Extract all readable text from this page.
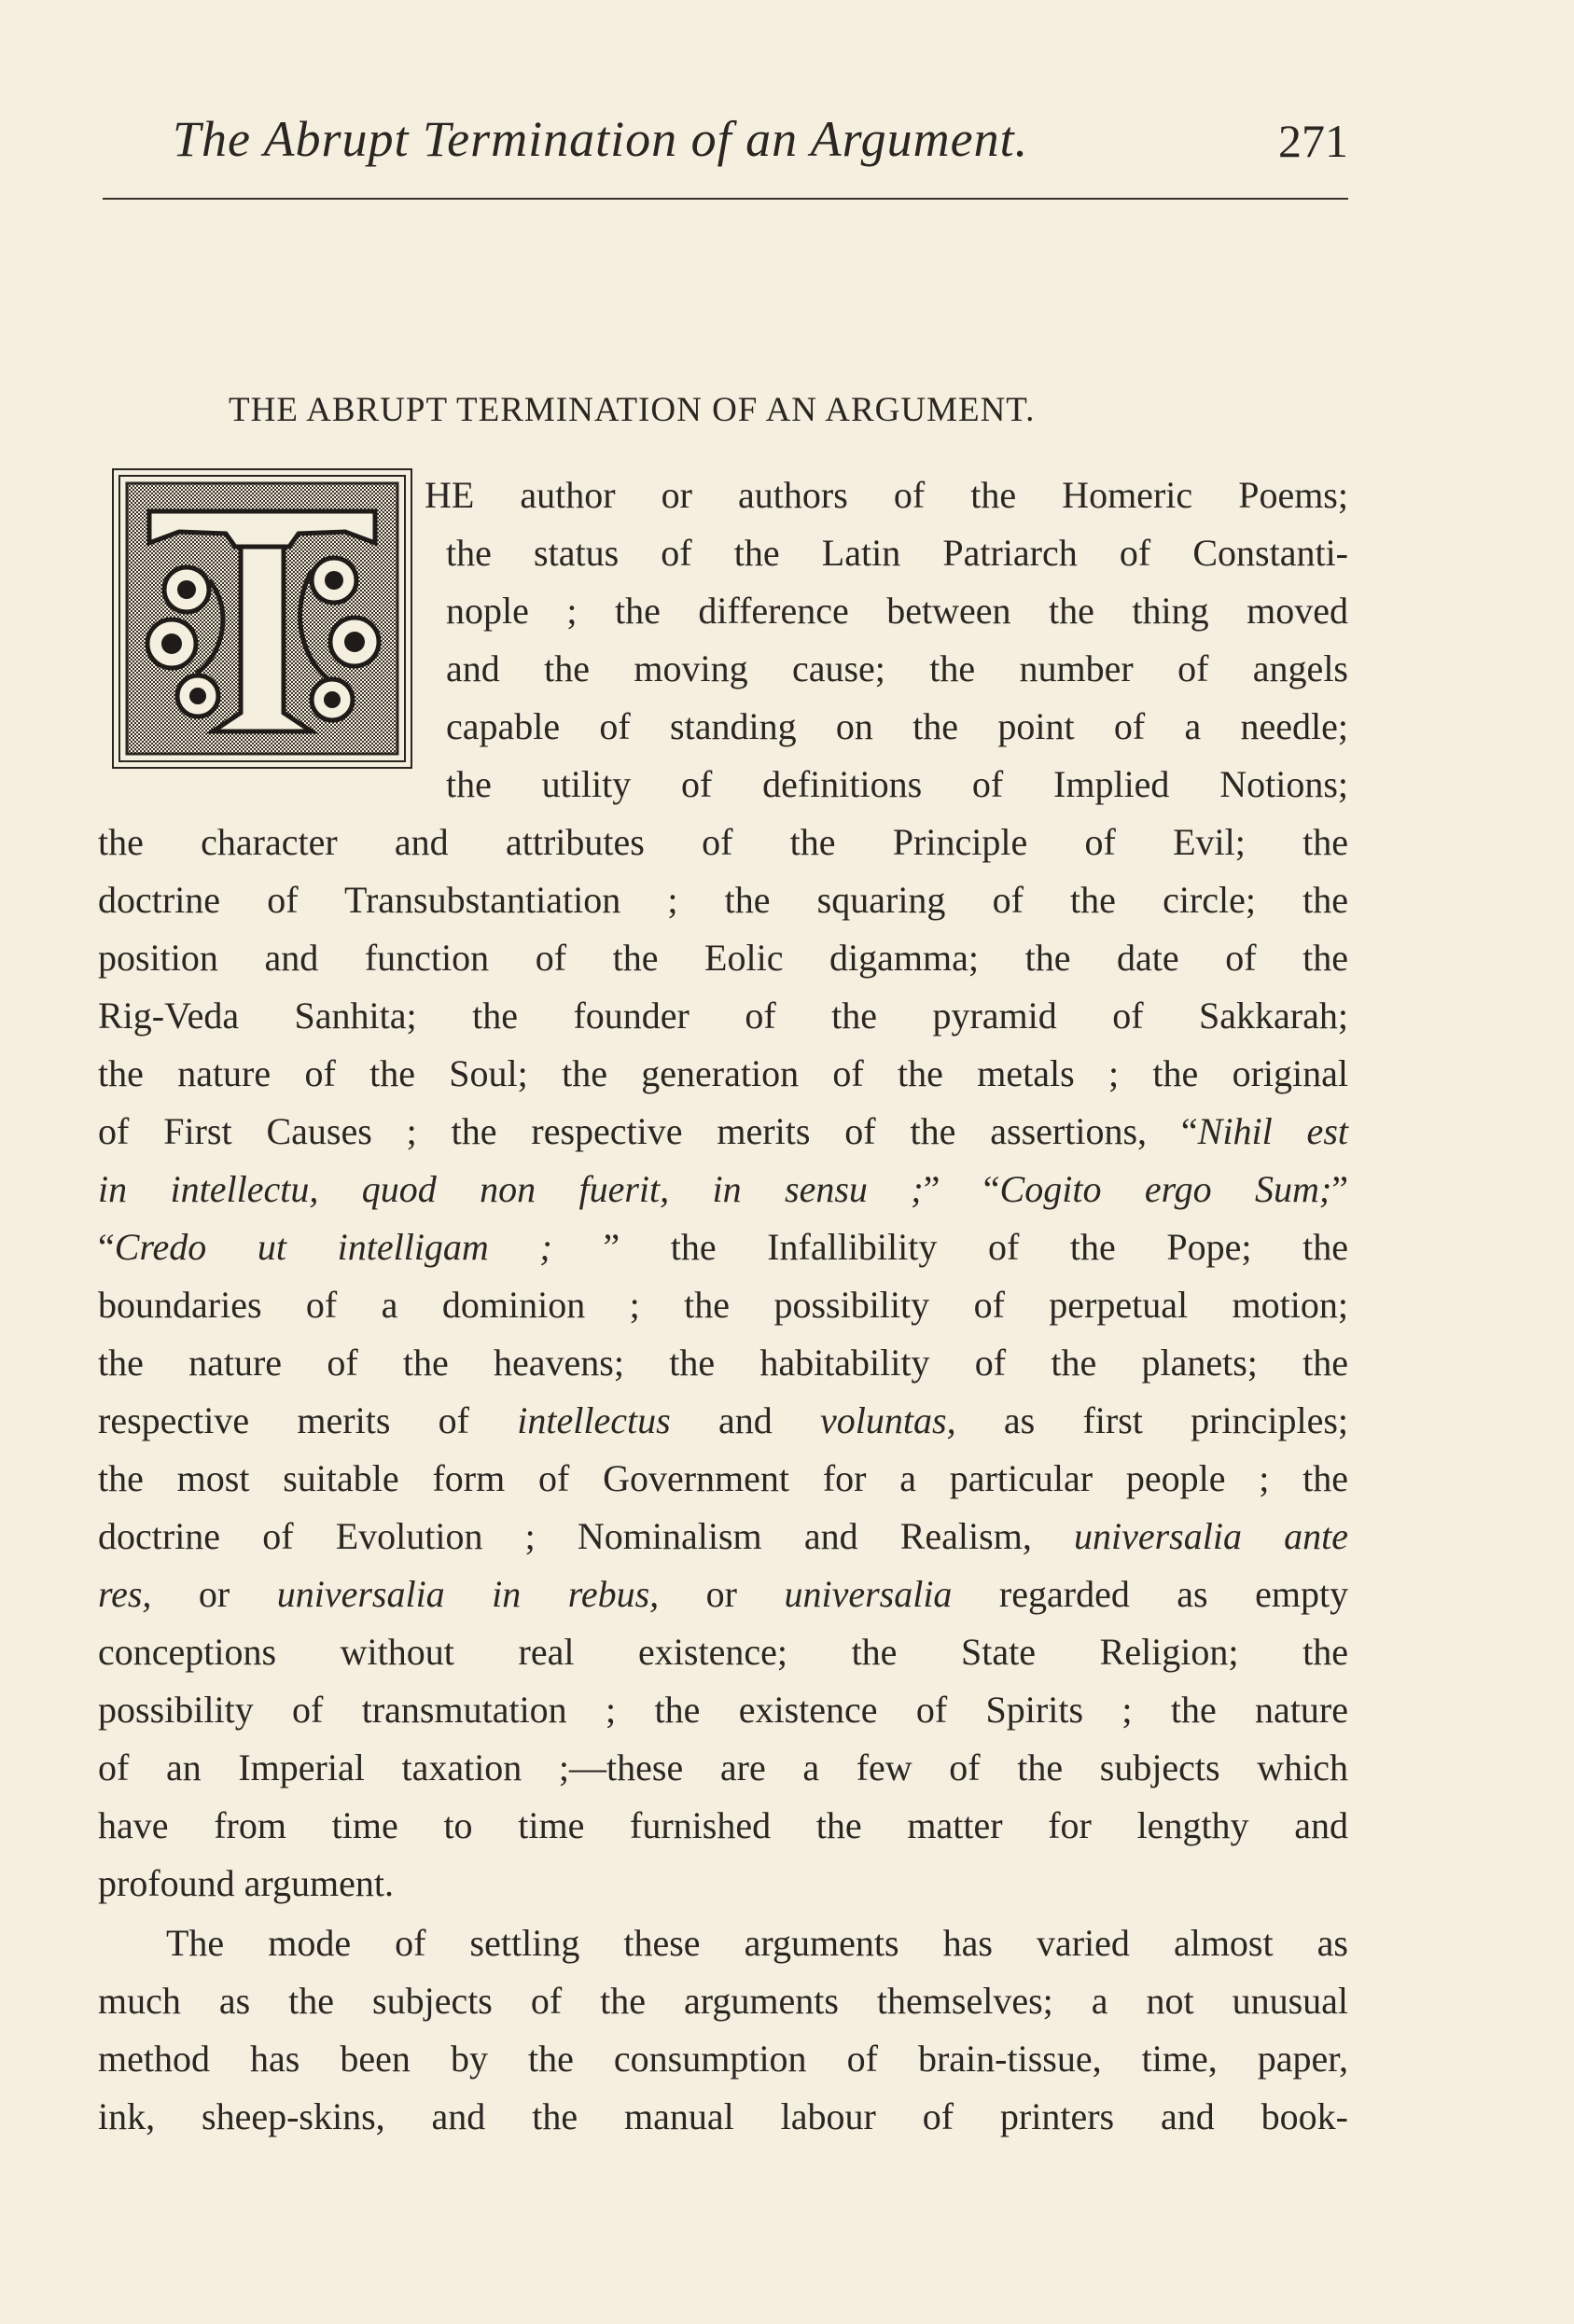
The Abrupt Termination of an Argument.	271
THE ABRUPT TERMINATION OF AN ARGUMENT.
HE author or authors of the Homeric Poems;
the status of the Latin Patriarch of Constanti-
nople ; the difference between the thing moved
and the moving cause; the number of angels
capable of standing on the point of a needle;
the utility of definitions of Implied Notions;
the character and attributes of the Principle of Evil; the
doctrine of Transubstantiation ; the squaring of the circle; the
position and function of the Eolic digamma; the date of the
Rig-Veda Sanhita; the founder of the pyramid of Sakkarah;
the nature of the Soul; the generation of the metals ; the original
of First Causes ; the respective merits of the assertions, “Nihil est
in intellectu, quod non fuerit, in sensu ;” “Cogito ergo Sum;”
“Credo ut intelligam ; ” the Infallibility of the Pope; the
boundaries of a dominion ; the possibility of perpetual motion;
the nature of the heavens; the habitability of the planets; the
respective merits of intellectus and voluntas, as first principles;
the most suitable form of Government for a particular people ; the
doctrine of Evolution ; Nominalism and Realism, universalia ante
res, or universalia in rebus, or universalia regarded as empty
conceptions without real existence; the State Religion; the
possibility of transmutation ; the existence of Spirits ; the nature
of an Imperial taxation ;—these are a few of the subjects which
have from time to time furnished the matter for lengthy and
profound argument.
The mode of settling these arguments has varied almost as
much as the subjects of the arguments themselves; a not unusual
method has been by the consumption of brain-tissue, time, paper,
ink, sheep-skins, and the manual labour of printers and book-
